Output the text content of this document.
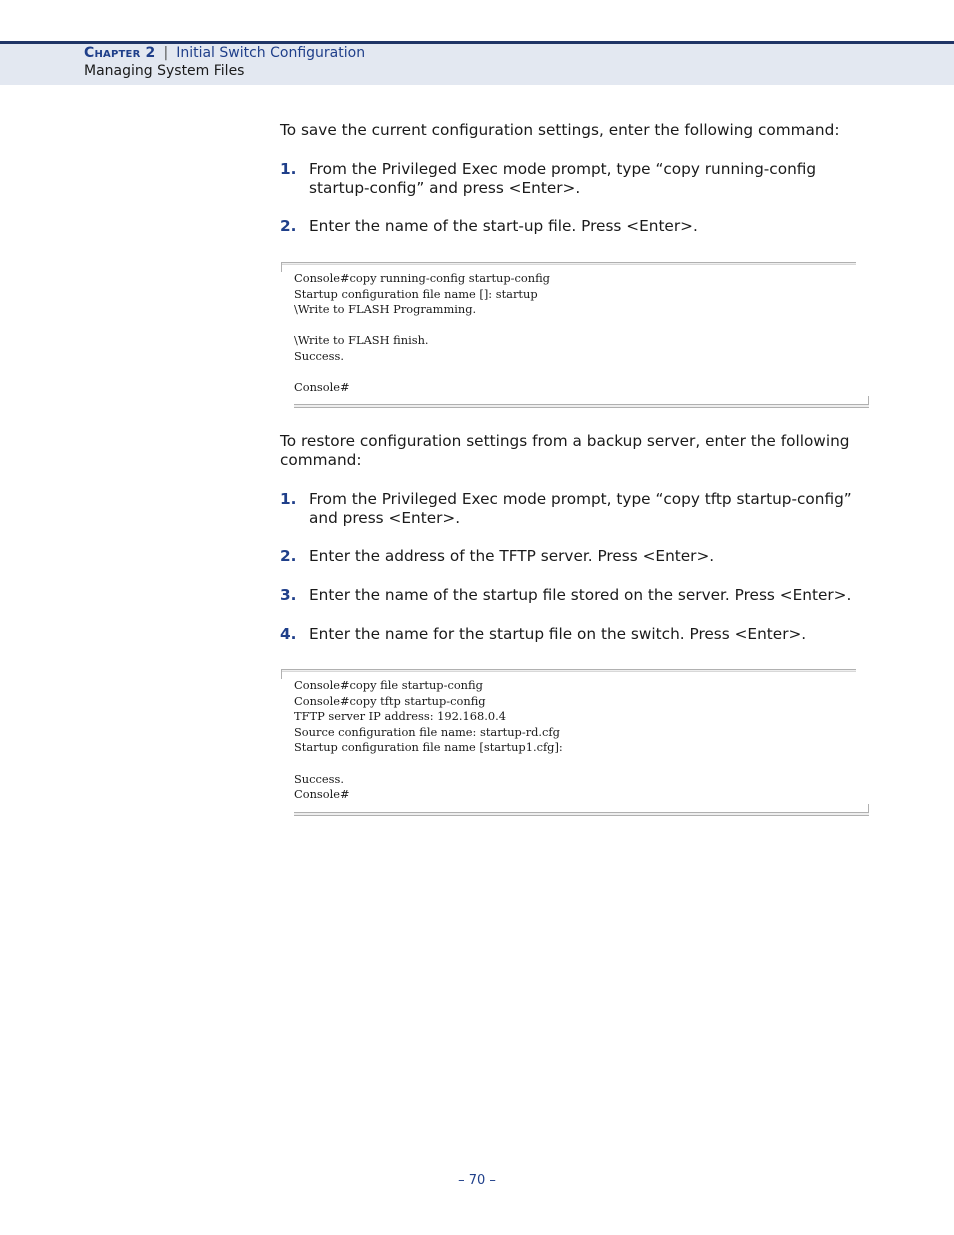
Chapter 2 | Initial Switch Configuration
Managing System Files
To save the current configuration settings, enter the following command:
1. From the Privileged Exec mode prompt, type “copy running-config startup-config” and press <Enter>.
2. Enter the name of the start-up file. Press <Enter>.
Console#copy running-config startup-config
Startup configuration file name []: startup
\Write to FLASH Programming.

\Write to FLASH finish.
Success.

Console#
To restore configuration settings from a backup server, enter the following command:
1. From the Privileged Exec mode prompt, type “copy tftp startup-config” and press <Enter>.
2. Enter the address of the TFTP server. Press <Enter>.
3. Enter the name of the startup file stored on the server. Press <Enter>.
4. Enter the name for the startup file on the switch. Press <Enter>.
Console#copy file startup-config
Console#copy tftp startup-config
TFTP server IP address: 192.168.0.4
Source configuration file name: startup-rd.cfg
Startup configuration file name [startup1.cfg]:

Success.
Console#
– 70 –
